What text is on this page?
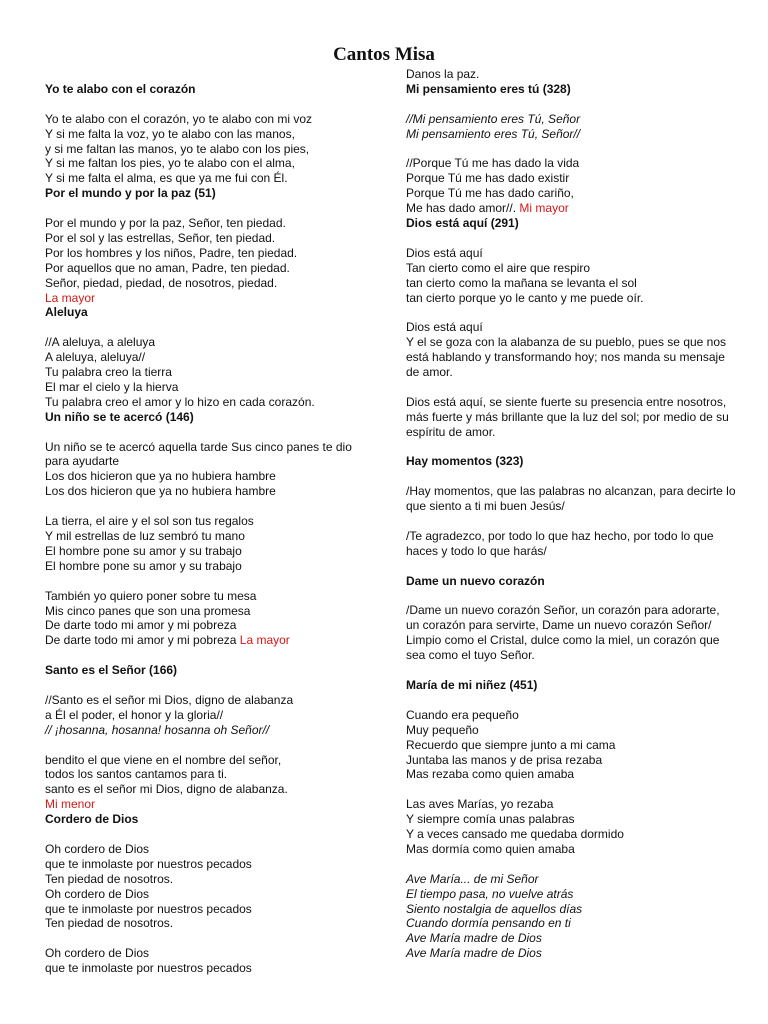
Cantos Misa
Yo te alabo con el corazón
Yo te alabo con el corazón, yo te alabo con mi voz
Y si me falta la voz, yo te alabo con las manos,
y si me faltan las manos, yo te alabo con los pies,
Y si me faltan los pies, yo te alabo con el alma,
Y si me falta el alma, es que ya me fui con Él.
Por el mundo y por la paz (51)
Por el mundo y por la paz, Señor, ten piedad.
Por el sol y las estrellas, Señor, ten piedad.
Por los hombres y los niños, Padre, ten piedad.
Por aquellos que no aman, Padre, ten piedad.
Señor, piedad, piedad, de nosotros, piedad.
La mayor
Aleluya
//A aleluya, a aleluya
A aleluya, aleluya//
Tu palabra creo la tierra
El mar el cielo y la hierva
Tu palabra creo el amor y lo hizo en cada corazón.
Un niño se te acercó (146)
Un niño se te acercó aquella tarde Sus cinco panes te dio para ayudarte
Los dos hicieron que ya no hubiera hambre
Los dos hicieron que ya no hubiera hambre
La tierra, el aire y el sol son tus regalos
Y mil estrellas de luz sembró tu mano
El hombre pone su amor y su trabajo
El hombre pone su amor y su trabajo
También yo quiero poner sobre tu mesa
Mis cinco panes que son una promesa
De darte todo mi amor y mi pobreza
De darte todo mi amor y mi pobreza La mayor
Santo es el Señor (166)
//Santo es el señor mi Dios, digno de alabanza
a Él el poder, el honor y la gloria//
// ¡hosanna, hosanna! hosanna oh Señor//
bendito el que viene en el nombre del señor,
todos los santos cantamos para ti.
santo es el señor mi Dios, digno de alabanza.
Mi menor
Cordero de Dios
Oh cordero de Dios
que te inmolaste por nuestros pecados
Ten piedad de nosotros.
Oh cordero de Dios
que te inmolaste por nuestros pecados
Ten piedad de nosotros.
Oh cordero de Dios
que te inmolaste por nuestros pecados
Danos la paz.
Mi pensamiento eres tú (328)
//Mi pensamiento eres Tú, Señor
Mi pensamiento eres Tú, Señor//
//Porque Tú me has dado la vida
Porque Tú me has dado existir
Porque Tú me has dado cariño,
Me has dado amor//. Mi mayor
Dios está aquí (291)
Dios está aquí
Tan cierto como el aire que respiro
tan cierto como la mañana se levanta el sol
tan cierto porque yo le canto y me puede oír.
Dios está aquí
Y el se goza con la alabanza de su pueblo, pues se que nos está hablando y transformando hoy; nos manda su mensaje de amor.
Dios está aquí, se siente fuerte su presencia entre nosotros, más fuerte y más brillante que la luz del sol; por medio de su espíritu de amor.
Hay momentos (323)
/Hay momentos, que las palabras no alcanzan, para decirte lo que siento a ti mi buen Jesús/
/Te agradezco, por todo lo que haz hecho, por todo lo que haces y todo lo que harás/
Dame un nuevo corazón
/Dame un nuevo corazón Señor, un corazón para adorarte, un corazón para servirte, Dame un nuevo corazón Señor/
Limpio como el Cristal, dulce como la miel, un corazón que sea como el tuyo Señor.
María de mi niñez (451)
Cuando era pequeño
Muy pequeño
Recuerdo que siempre junto a mi cama
Juntaba las manos y de prisa rezaba
Mas rezaba como quien amaba
Las aves Marías, yo rezaba
Y siempre comía unas palabras
Y a veces cansado me quedaba dormido
Mas dormía como quien amaba
Ave María... de mi Señor
El tiempo pasa, no vuelve atrás
Siento nostalgia de aquellos días
Cuando dormía pensando en ti
Ave María madre de Dios
Ave María madre de Dios
